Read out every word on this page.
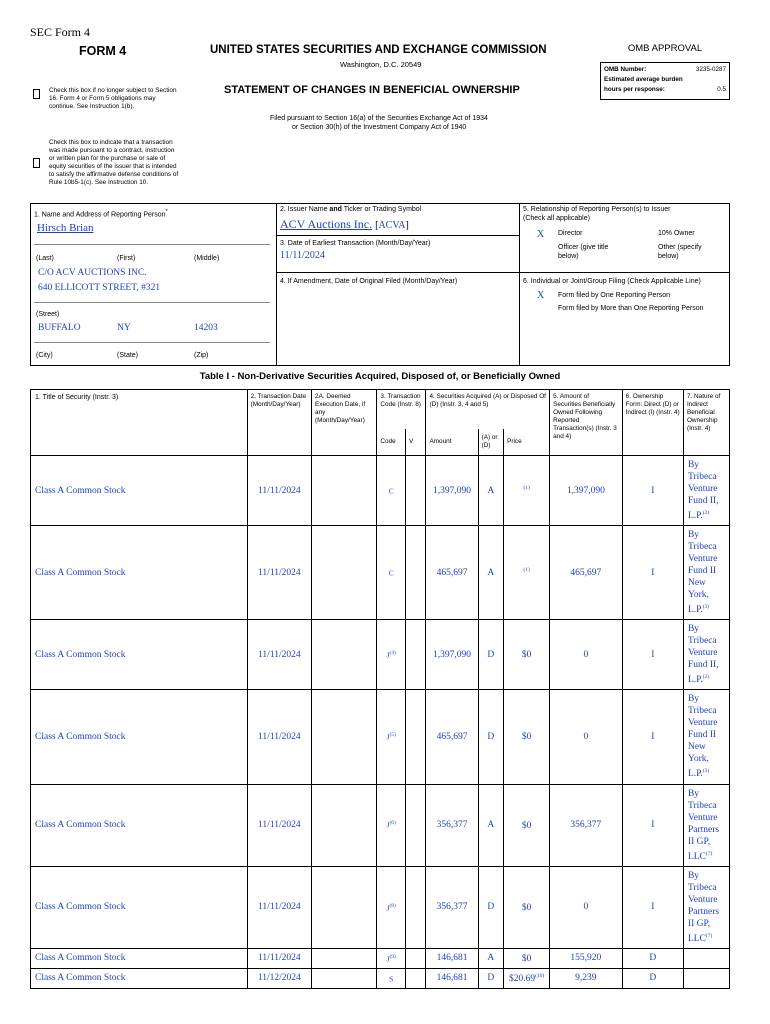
SEC Form 4
FORM 4	UNITED STATES SECURITIES AND EXCHANGE COMMISSION
Washington, D.C. 20549
STATEMENT OF CHANGES IN BENEFICIAL OWNERSHIP
Filed pursuant to Section 16(a) of the Securities Exchange Act of 1934
or Section 30(h) of the Investment Company Act of 1940
Check this box if no longer subject to Section 16. Form 4 or Form 5 obligations may continue. See Instruction 1(b).
Check this box to indicate that a transaction was made pursuant to a contract, instruction or written plan for the purchase or sale of equity securities of the issuer that is intended to satisfy the affirmative defense conditions of Rule 10b5-1(c). See Instruction 10.
OMB APPROVAL
OMB Number:	3235-0287
Estimated average burden
hours per response:	0.5
1. Name and Address of Reporting Person*
Hirsch Brian
(Last)	(First)	(Middle)
C/O ACV AUCTIONS INC.
640 ELLICOTT STREET, #321
(Street)
BUFFALO	NY	14203
(City)	(State)	(Zip)
2. Issuer Name and Ticker or Trading Symbol
ACV Auctions Inc. [ACVA]
3. Date of Earliest Transaction (Month/Day/Year)
11/11/2024
4. If Amendment, Date of Original Filed (Month/Day/Year)
5. Relationship of Reporting Person(s) to Issuer
(Check all applicable)
X Director	10% Owner
Officer (give title below)
Other (specify below)
6. Individual or Joint/Group Filing (Check Applicable Line)
X Form filed by One Reporting Person
Form filed by More than One Reporting Person
Table I - Non-Derivative Securities Acquired, Disposed of, or Beneficially Owned
1. Title of Security (Instr. 3)	2. Transaction Date (Month/Day/Year)	2A. Deemed Execution Date, if any (Month/Day/Year)	3. Transaction Code (Instr. 8)		4. Securities Acquired (A) or Disposed Of (D) (Instr. 3, 4 and 5)			5. Amount of Securities Beneficially Owned Following Reported Transaction(s) (Instr. 3 and 4)	6. Ownership Form: Direct (D) or Indirect (I) (Instr. 4)	7. Nature of Indirect Beneficial Ownership (Instr. 4)
			Code	V	Amount	(A) or (D)	Price			
Class A Common Stock	11/11/2024		C		1,397,090	A	$^{(1)}$	1,397,090	I	By Tribeca Venture Fund II, L.P.$^{(2)}$
Class A Common Stock	11/11/2024		C		465,697	A	$^{(1)}$	465,697	I	By Tribeca Venture Fund II New York, L.P.$^{(3)}$
Class A Common Stock	11/11/2024		$J^{(4)}$		1,397,090	D	$0	0	I	By Tribeca Venture Fund II, L.P.$^{(2)}$
Class A Common Stock	11/11/2024		$J^{(5)}$		465,697	D	$0	0	I	By Tribeca Venture Fund II New York, L.P.$^{(3)}$
Class A Common Stock	11/11/2024		$J^{(6)}$		356,377	A	$0	356,377	I	By Tribeca Venture Partners II GP, LLC$^{(7)}$
Class A Common Stock	11/11/2024		$J^{(8)}$		356,377	D	$0	0	I	By Tribeca Venture Partners II GP, LLC$^{(7)}$
Class A Common Stock	11/11/2024		$J^{(9)}$		146,681	A	$0	155,920	D	
Class A Common Stock	11/12/2024		S		146,681	D	$20.69$^{(10)}$	9,239	D	
